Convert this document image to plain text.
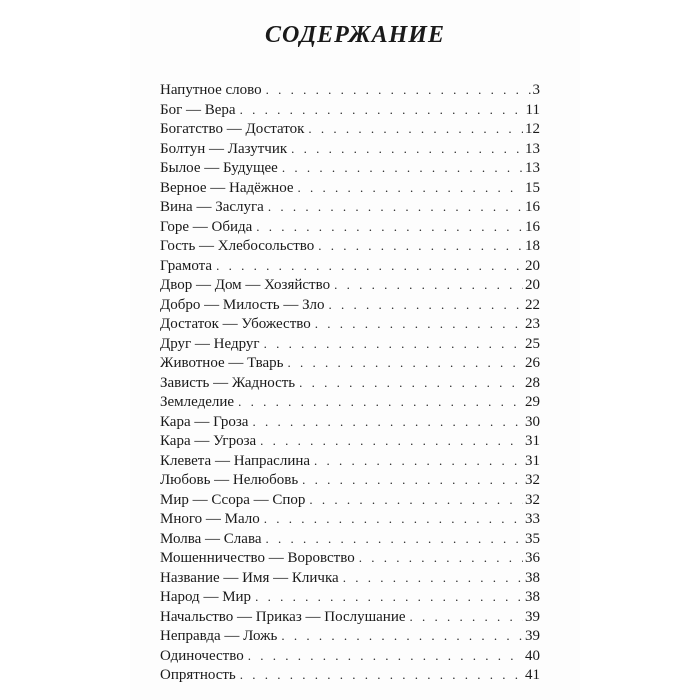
СОДЕРЖАНИЕ
Напутное слово . . .	3
Бог — Вера . . .	11
Богатство — Достаток . . .	12
Болтун — Лазутчик . . .	13
Былое — Будущее . . .	13
Верное — Надёжное . . .	15
Вина — Заслуга . . .	16
Горе — Обида . . .	16
Гость — Хлебосольство . . .	18
Грамота . . .	20
Двор — Дом — Хозяйство . . .	20
Добро — Милость — Зло . . .	22
Достаток — Убожество . . .	23
Друг — Недруг . . .	25
Животное — Тварь . . .	26
Зависть — Жадность . . .	28
Земледелие . . .	29
Кара — Гроза . . .	30
Кара — Угроза . . .	31
Клевета — Напраслина . . .	31
Любовь — Нелюбовь . . .	32
Мир — Ссора — Спор . . .	32
Много — Мало . . .	33
Молва — Слава . . .	35
Мошенничество — Воровство . . .	36
Название — Имя — Кличка . . .	38
Народ — Мир . . .	38
Начальство — Приказ — Послушание . . .	39
Неправда — Ложь . . .	39
Одиночество . . .	40
Опрятность . . .	41
